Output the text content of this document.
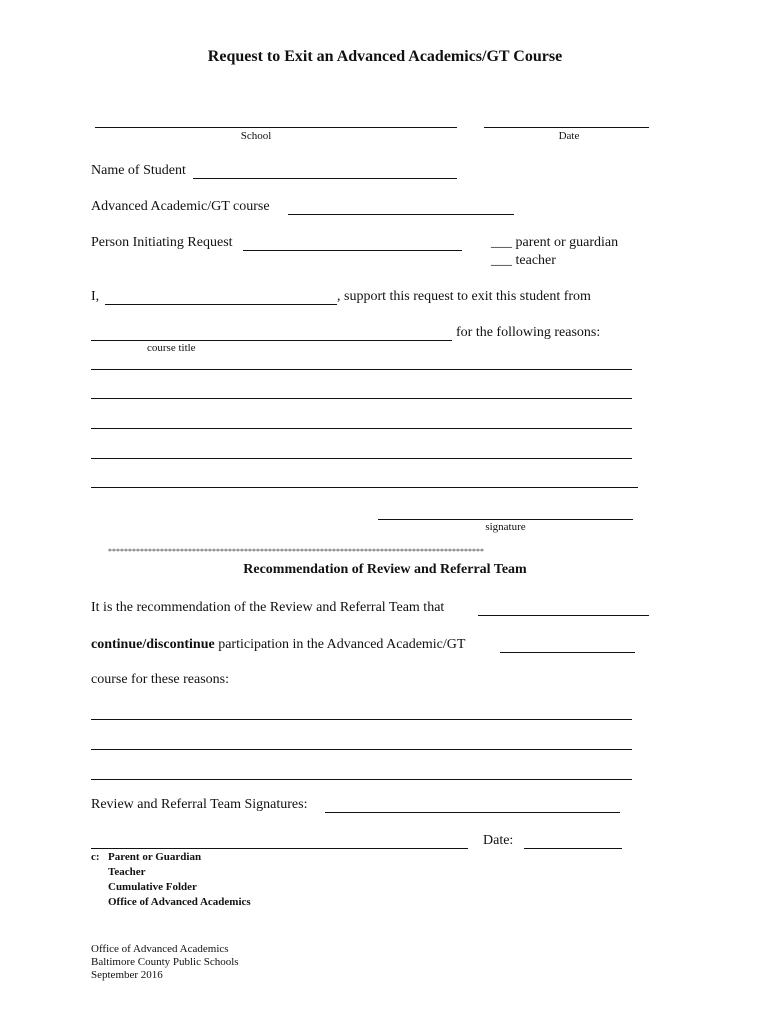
Request to Exit an Advanced Academics/GT Course
School	Date
Name of Student
Advanced Academic/GT course
Person Initiating Request	___ parent or guardian
___ teacher
I,	, support this request to exit this student from
for the following reasons:
course title
signature
**********************************************************************************************
Recommendation of Review and Referral Team
It is the recommendation of the Review and Referral Team that
continue/discontinue participation in the Advanced Academic/GT
course for these reasons:
Review and Referral Team Signatures:
Date:
c: Parent or Guardian
Teacher
Cumulative Folder
Office of Advanced Academics
Office of Advanced Academics
Baltimore County Public Schools
September 2016
